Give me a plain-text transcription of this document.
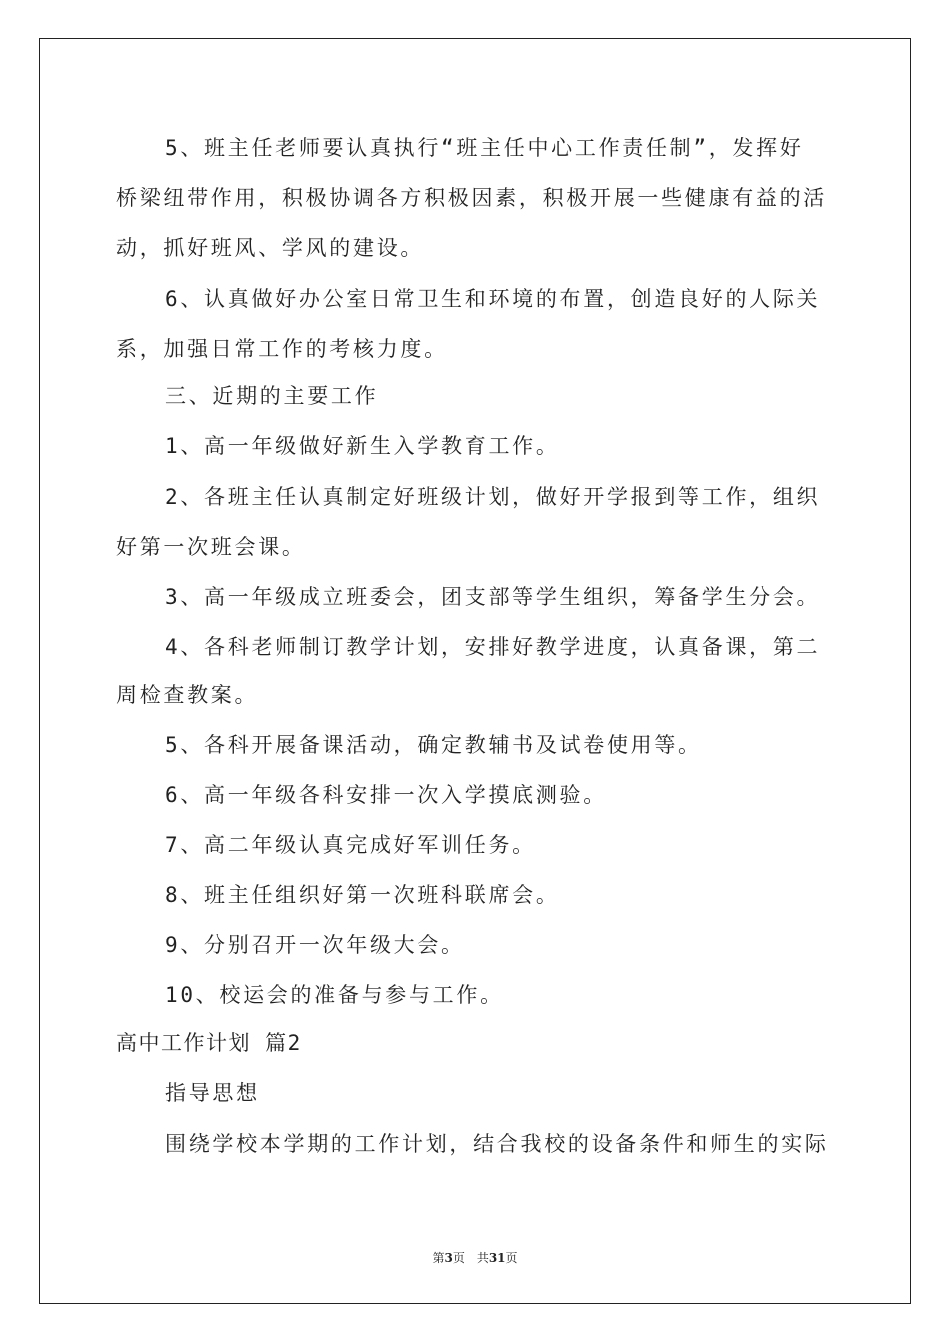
5、班主任老师要认真执行“班主任中心工作责任制”，发挥好
桥梁纽带作用，积极协调各方积极因素，积极开展一些健康有益的活
动，抓好班风、学风的建设。
6、认真做好办公室日常卫生和环境的布置，创造良好的人际关
系，加强日常工作的考核力度。
三、近期的主要工作
1、高一年级做好新生入学教育工作。
2、各班主任认真制定好班级计划，做好开学报到等工作，组织
好第一次班会课。
3、高一年级成立班委会，团支部等学生组织，筹备学生分会。
4、各科老师制订教学计划，安排好教学进度，认真备课，第二
周检查教案。
5、各科开展备课活动，确定教辅书及试卷使用等。
6、高一年级各科安排一次入学摸底测验。
7、高二年级认真完成好军训任务。
8、班主任组织好第一次班科联席会。
9、分别召开一次年级大会。
10、校运会的准备与参与工作。
高中工作计划 篇2
指导思想
围绕学校本学期的工作计划，结合我校的设备条件和师生的实际
第3页　共31页
